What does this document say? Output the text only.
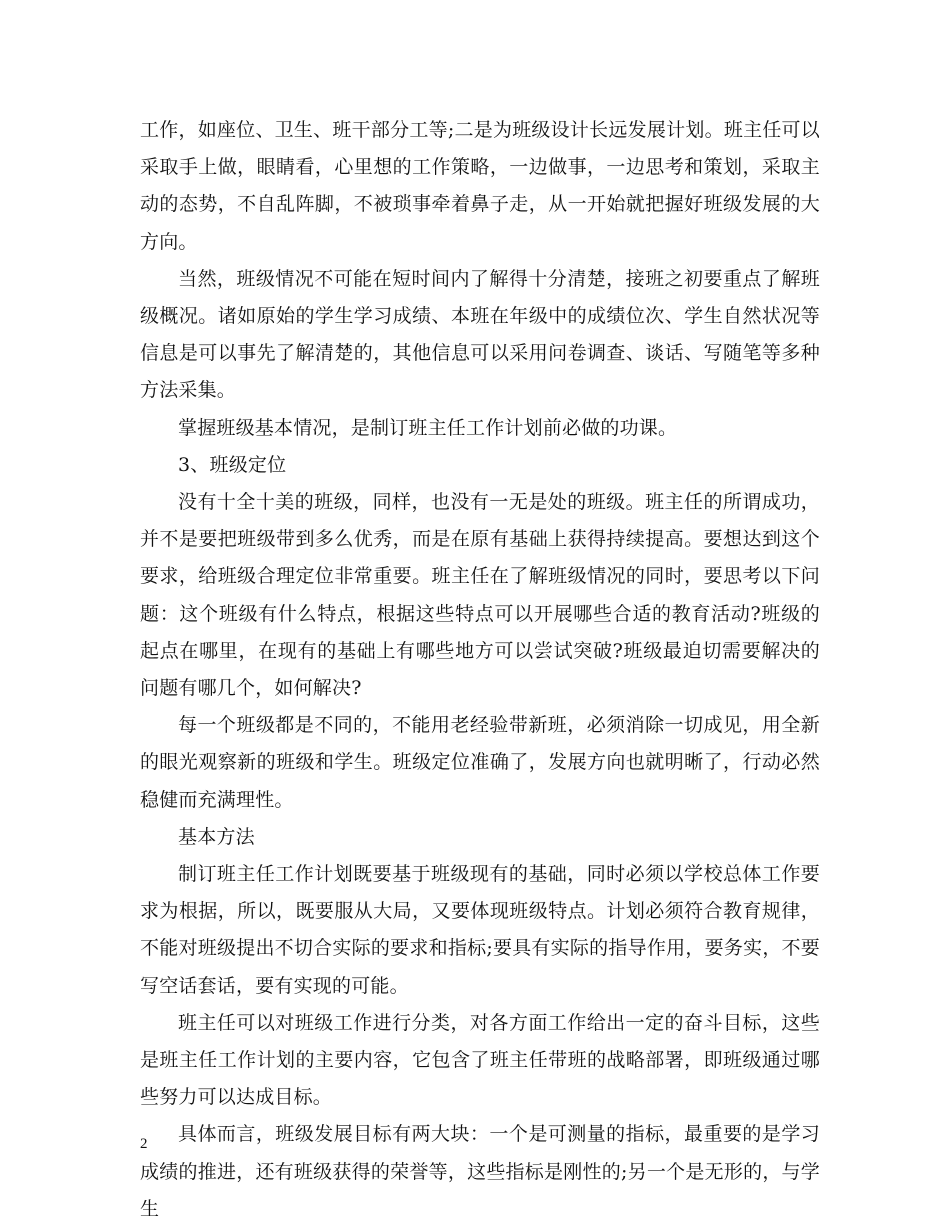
工作，如座位、卫生、班干部分工等;二是为班级设计长远发展计划。班主任可以采取手上做，眼睛看，心里想的工作策略，一边做事，一边思考和策划，采取主动的态势，不自乱阵脚，不被琐事牵着鼻子走，从一开始就把握好班级发展的大方向。

当然，班级情况不可能在短时间内了解得十分清楚，接班之初要重点了解班级概况。诸如原始的学生学习成绩、本班在年级中的成绩位次、学生自然状况等信息是可以事先了解清楚的，其他信息可以采用问卷调查、谈话、写随笔等多种方法采集。

掌握班级基本情况，是制订班主任工作计划前必做的功课。

3、班级定位

没有十全十美的班级，同样，也没有一无是处的班级。班主任的所谓成功，并不是要把班级带到多么优秀，而是在原有基础上获得持续提高。要想达到这个要求，给班级合理定位非常重要。班主任在了解班级情况的同时，要思考以下问题：这个班级有什么特点，根据这些特点可以开展哪些合适的教育活动?班级的起点在哪里，在现有的基础上有哪些地方可以尝试突破?班级最迫切需要解决的问题有哪几个，如何解决?

每一个班级都是不同的，不能用老经验带新班，必须消除一切成见，用全新的眼光观察新的班级和学生。班级定位准确了，发展方向也就明晰了，行动必然稳健而充满理性。

基本方法

制订班主任工作计划既要基于班级现有的基础，同时必须以学校总体工作要求为根据，所以，既要服从大局，又要体现班级特点。计划必须符合教育规律，不能对班级提出不切合实际的要求和指标;要具有实际的指导作用，要务实，不要写空话套话，要有实现的可能。

班主任可以对班级工作进行分类，对各方面工作给出一定的奋斗目标，这些是班主任工作计划的主要内容，它包含了班主任带班的战略部署，即班级通过哪些努力可以达成目标。

具体而言，班级发展目标有两大块：一个是可测量的指标，最重要的是学习成绩的推进，还有班级获得的荣誉等，这些指标是刚性的;另一个是无形的，与学生

2
